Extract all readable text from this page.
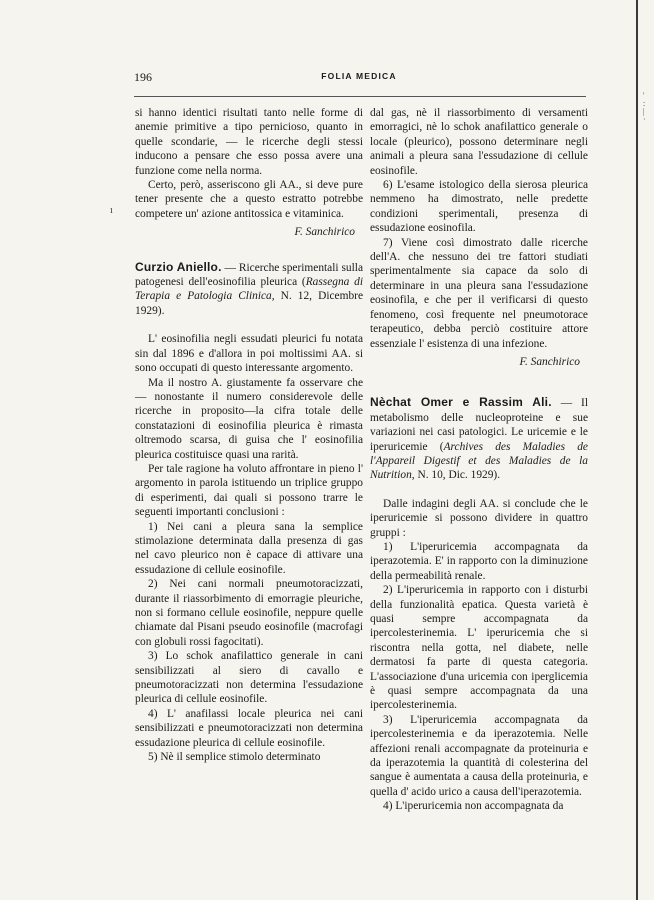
'
:
|
·
ı
196	FOLIA MEDICA

si hanno identici risultati tanto nelle forme di anemie primitive a tipo pernicioso, quanto in quelle scondarie, — le ricerche degli stessi inducono a pensare che esso possa avere una funzione come nella norma.

Certo, però, asseriscono gli AA., si deve pure tener presente che a questo estratto potrebbe competere un' azione antitossica e vitaminica.

F. Sanchirico

Curzio Aniello. — Ricerche sperimentali sulla patogenesi dell'eosinofilia pleurica (Rassegna di Terapia e Patologia Clinica, N. 12, Dicembre 1929).

L' eosinofilia negli essudati pleurici fu notata sin dal 1896 e d'allora in poi moltissimi AA. si sono occupati di questo interessante argomento.

Ma il nostro A. giustamente fa osservare che — nonostante il numero considerevole delle ricerche in proposito—la cifra totale delle constatazioni di eosinofilia pleurica è rimasta oltremodo scarsa, di guisa che l' eosinofilia pleurica costituisce quasi una rarità.

Per tale ragione ha voluto affrontare in pieno l' argomento in parola istituendo un triplice gruppo di esperimenti, dai quali si possono trarre le seguenti importanti conclusioni :

1) Nei cani a pleura sana la semplice stimolazione determinata dalla presenza di gas nel cavo pleurico non è capace di attivare una essudazione di cellule eosinofile.

2) Nei cani normali pneumotoracizzati, durante il riassorbimento di emorragie pleuriche, non si formano cellule eosinofile, neppure quelle chiamate dal Pisani pseudo eosinofile (macrofagi con globuli rossi fagocitati).

3) Lo schok anafilattico generale in cani sensibilizzati al siero di cavallo e pneumotoracizzati non determina l'essudazione pleurica di cellule eosinofile.

4) L' anafilassi locale pleurica nei cani sensibilizzati e pneumotoracizzati non determina essudazione pleurica di cellule eosinofile.

5) Nè il semplice stimolo determinato

dal gas, nè il riassorbimento di versamenti emorragici, nè lo schok anafilattico generale o locale (pleurico), possono determinare negli animali a pleura sana l'essudazione di cellule eosinofile.

6) L'esame istologico della sierosa pleurica nemmeno ha dimostrato, nelle predette condizioni sperimentali, presenza di essudazione eosinofila.

7) Viene così dimostrato dalle ricerche dell'A. che nessuno dei tre fattori studiati sperimentalmente sia capace da solo di determinare in una pleura sana l'essudazione eosinofila, e che per il verificarsi di questo fenomeno, così frequente nel pneumotorace terapeutico, debba perciò costituire attore essenziale l' esistenza di una infezione.

F. Sanchirico

Nèchat Omer e Rassim Ali. — Il metabolismo delle nucleoproteine e sue variazioni nei casi patologici. Le uricemie e le iperuricemie (Archives des Maladies de l'Appareil Digestif et des Maladies de la Nutrition, N. 10, Dic. 1929).

Dalle indagini degli AA. si conclude che le iperuricemie si possono dividere in quattro gruppi :

1) L'iperuricemia accompagnata da iperazotemia. E' in rapporto con la diminuzione della permeabilità renale.

2) L'iperuricemia in rapporto con i disturbi della funzionalità epatica. Questa varietà è quasi sempre accompagnata da ipercolesterinemia. L' iperuricemia che si riscontra nella gotta, nel diabete, nelle dermatosi fa parte di questa categoria. L'associazione d'una uricemia con iperglicemia è quasi sempre accompagnata da una ipercolesterinemia.

3) L'iperuricemia accompagnata da ipercolesterinemia e da iperazotemia. Nelle affezioni renali accompagnate da proteinuria e da iperazotemia la quantità di colesterina del sangue è aumentata a causa della proteinuria, e quella d' acido urico a causa dell'iperazotemia.

4) L'iperuricemia non accompagnata da
